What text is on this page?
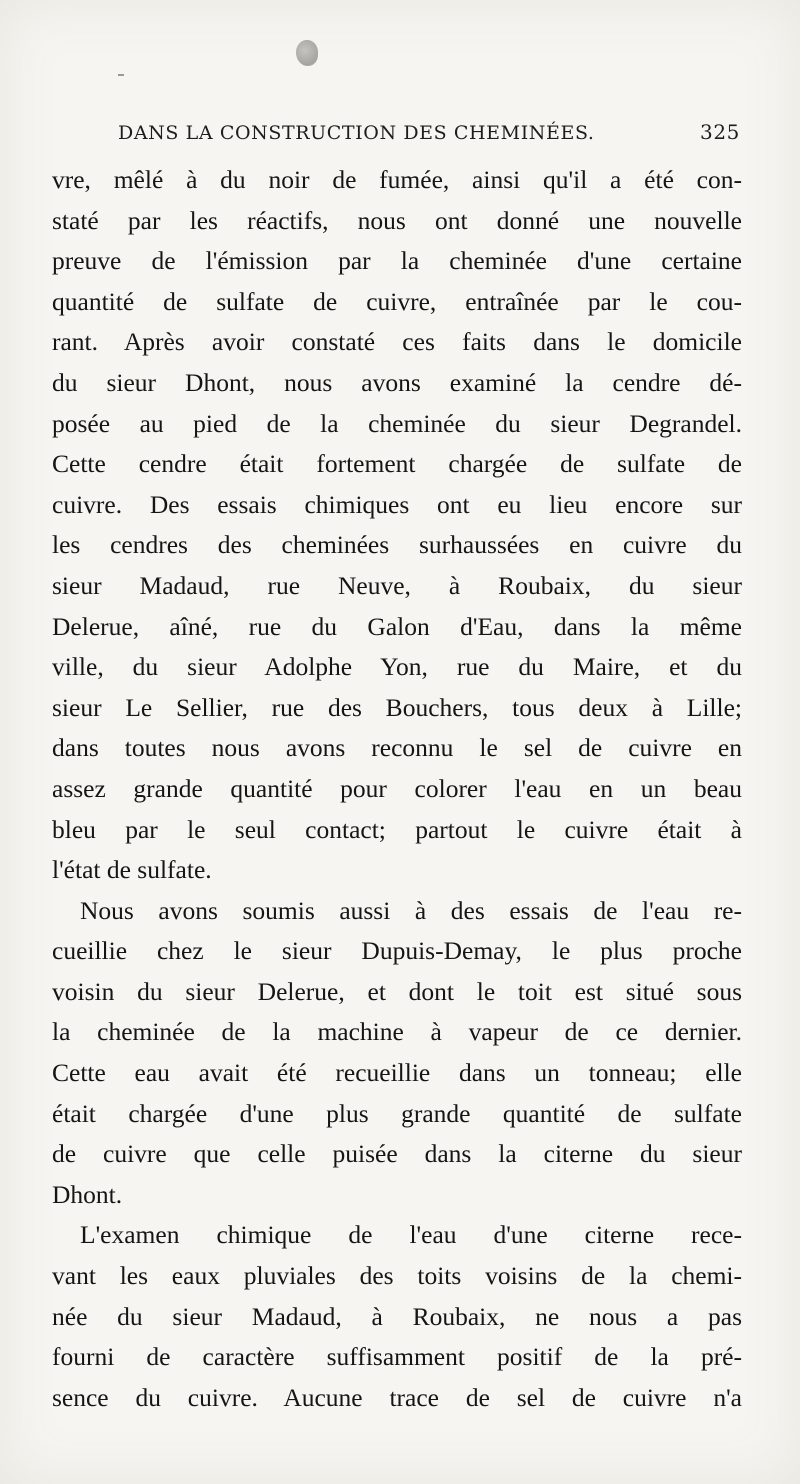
DANS LA CONSTRUCTION DES CHEMINÉES.	325
vre, mêlé à du noir de fumée, ainsi qu'il a été con-
staté par les réactifs, nous ont donné une nouvelle
preuve de l'émission par la cheminée d'une certaine
quantité de sulfate de cuivre, entraînée par le cou-
rant. Après avoir constaté ces faits dans le domicile
du sieur Dhont, nous avons examiné la cendre dé-
posée au pied de la cheminée du sieur Degrandel.
Cette cendre était fortement chargée de sulfate de
cuivre. Des essais chimiques ont eu lieu encore sur
les cendres des cheminées surhaussées en cuivre du
sieur Madaud, rue Neuve, à Roubaix, du sieur
Delerue, aîné, rue du Galon d'Eau, dans la même
ville, du sieur Adolphe Yon, rue du Maire, et du
sieur Le Sellier, rue des Bouchers, tous deux à Lille;
dans toutes nous avons reconnu le sel de cuivre en
assez grande quantité pour colorer l'eau en un beau
bleu par le seul contact; partout le cuivre était à
l'état de sulfate.
Nous avons soumis aussi à des essais de l'eau re-
cueillie chez le sieur Dupuis-Demay, le plus proche
voisin du sieur Delerue, et dont le toit est situé sous
la cheminée de la machine à vapeur de ce dernier.
Cette eau avait été recueillie dans un tonneau; elle
était chargée d'une plus grande quantité de sulfate
de cuivre que celle puisée dans la citerne du sieur
Dhont.
L'examen chimique de l'eau d'une citerne rece-
vant les eaux pluviales des toits voisins de la chemi-
née du sieur Madaud, à Roubaix, ne nous a pas
fourni de caractère suffisamment positif de la pré-
sence du cuivre. Aucune trace de sel de cuivre n'a
